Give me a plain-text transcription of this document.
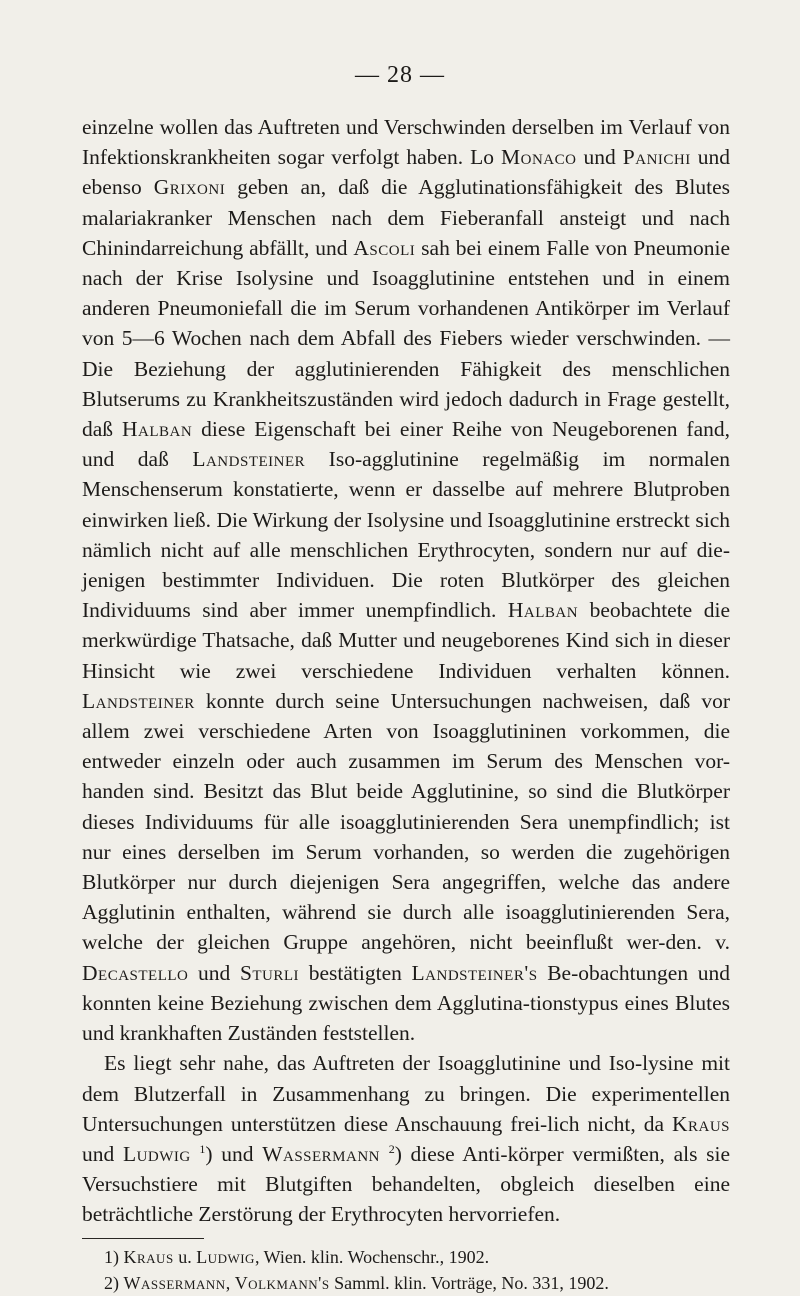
— 28 —

einzelne wollen das Auftreten und Verschwinden derselben im Verlauf von Infektionskrankheiten sogar verfolgt haben. Lo Monaco und Panichi und ebenso Grixoni geben an, daß die Agglutinationsfähigkeit des Blutes malariakranker Menschen nach dem Fieberanfall ansteigt und nach Chinindarreichung abfällt, und Ascoli sah bei einem Falle von Pneumonie nach der Krise Isolysine und Isoagglutinine entstehen und in einem anderen Pneumoniefall die im Serum vorhandenen Antikörper im Verlauf von 5—6 Wochen nach dem Abfall des Fiebers wieder verschwinden. — Die Beziehung der agglutinierenden Fähigkeit des menschlichen Blutserums zu Krankheitszuständen wird jedoch dadurch in Frage gestellt, daß Halban diese Eigenschaft bei einer Reihe von Neugeborenen fand, und daß Landsteiner Iso-agglutinine regelmäßig im normalen Menschenserum konstatierte, wenn er dasselbe auf mehrere Blutproben einwirken ließ. Die Wirkung der Isolysine und Isoagglutinine erstreckt sich nämlich nicht auf alle menschlichen Erythrocyten, sondern nur auf die-jenigen bestimmter Individuen. Die roten Blutkörper des gleichen Individuums sind aber immer unempfindlich. Halban beobachtete die merkwürdige Thatsache, daß Mutter und neugeborenes Kind sich in dieser Hinsicht wie zwei verschiedene Individuen verhalten können. Landsteiner konnte durch seine Untersuchungen nachweisen, daß vor allem zwei verschiedene Arten von Isoagglutininen vorkommen, die entweder einzeln oder auch zusammen im Serum des Menschen vor-handen sind. Besitzt das Blut beide Agglutinine, so sind die Blutkörper dieses Individuums für alle isoagglutinierenden Sera unempfindlich; ist nur eines derselben im Serum vorhanden, so werden die zugehörigen Blutkörper nur durch diejenigen Sera angegriffen, welche das andere Agglutinin enthalten, während sie durch alle isoagglutinierenden Sera, welche der gleichen Gruppe angehören, nicht beeinflußt wer-den. v. Decastello und Sturli bestätigten Landsteiner's Be-obachtungen und konnten keine Beziehung zwischen dem Agglutina-tionstypus eines Blutes und krankhaften Zuständen feststellen.

Es liegt sehr nahe, das Auftreten der Isoagglutinine und Iso-lysine mit dem Blutzerfall in Zusammenhang zu bringen. Die experimentellen Untersuchungen unterstützen diese Anschauung frei-lich nicht, da Kraus und Ludwig $^1$) und Wassermann $^2$) diese Anti-körper vermißten, als sie Versuchstiere mit Blutgiften behandelten, obgleich dieselben eine beträchtliche Zerstörung der Erythrocyten hervorriefen.

1) Kraus u. Ludwig, Wien. klin. Wochenschr., 1902.

2) Wassermann, Volkmann's Samml. klin. Vorträge, No. 331, 1902.
